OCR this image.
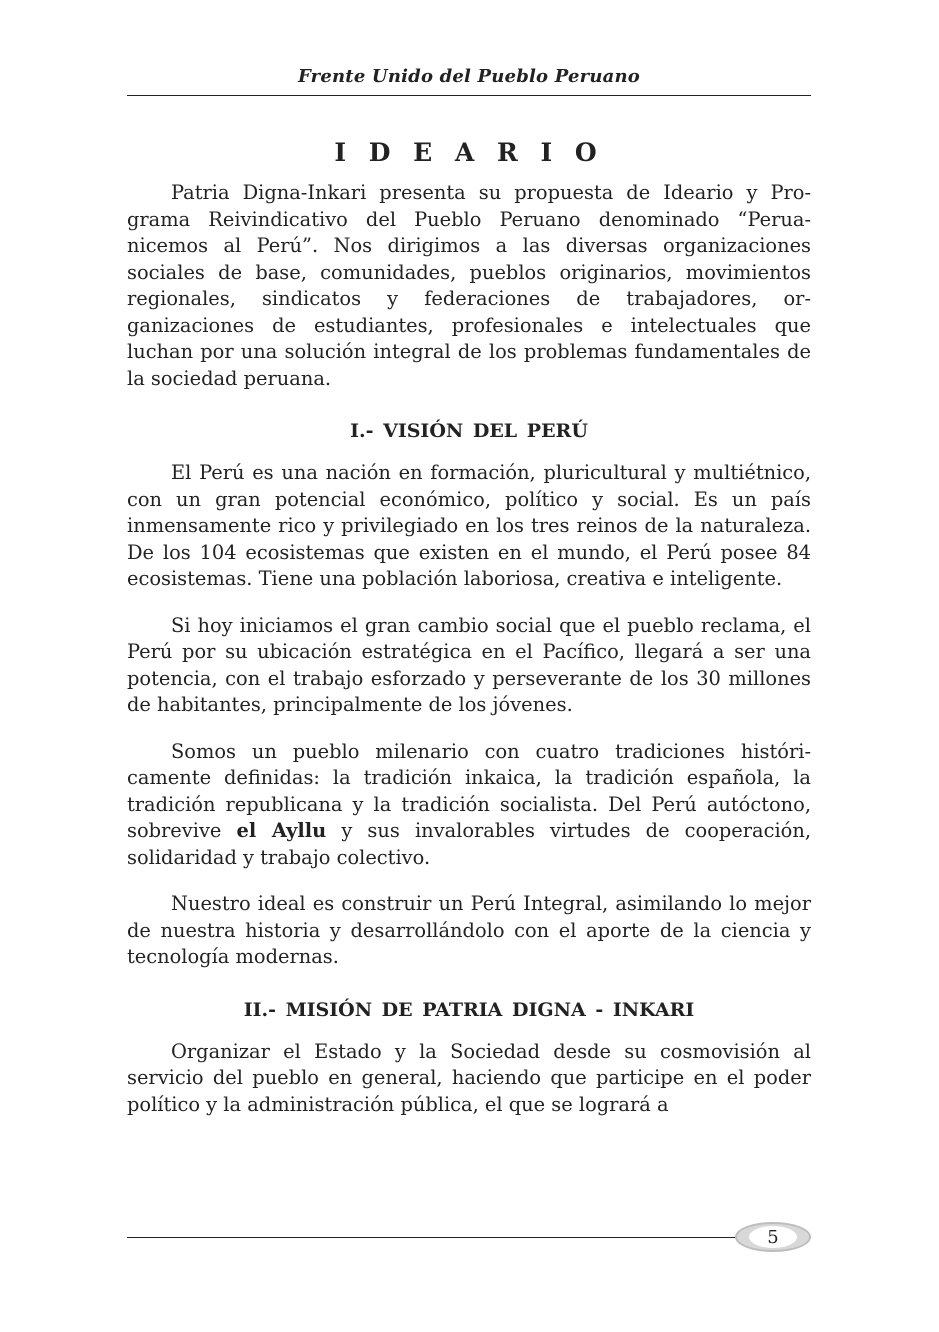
Frente Unido del Pueblo Peruano
I D E A R I O

Patria Digna-Inkari presenta su propuesta de Ideario y Programa Reivindicativo del Pueblo Peruano denominado “Peruanicemos al Perú”. Nos dirigimos a las diversas organizaciones sociales de base, comunidades, pueblos originarios, movimientos regionales, sindicatos y federaciones de trabajadores, organizaciones de estudiantes, profesionales e intelectuales que luchan por una solución integral de los problemas fundamentales de la sociedad peruana.

I.- VISIÓN DEL PERÚ

El Perú es una nación en formación, pluricultural y multiétnico, con un gran potencial económico, político y social. Es un país inmensamente rico y privilegiado en los tres reinos de la naturaleza. De los 104 ecosistemas que existen en el mundo, el Perú posee 84 ecosistemas. Tiene una población laboriosa, creativa e inteligente.

Si hoy iniciamos el gran cambio social que el pueblo reclama, el Perú por su ubicación estratégica en el Pacífico, llegará a ser una potencia, con el trabajo esforzado y perseverante de los 30 millones de habitantes, principalmente de los jóvenes.

Somos un pueblo milenario con cuatro tradiciones históricamente definidas: la tradición inkaica, la tradición española, la tradición republicana y la tradición socialista. Del Perú autóctono, sobrevive el Ayllu y sus invalorables virtudes de cooperación, solidaridad y trabajo colectivo.

Nuestro ideal es construir un Perú Integral, asimilando lo mejor de nuestra historia y desarrollándolo con el aporte de la ciencia y tecnología modernas.

II.- MISIÓN DE PATRIA DIGNA - INKARI

Organizar el Estado y la Sociedad desde su cosmovisión al servicio del pueblo en general, haciendo que participe en el poder político y la administración pública, el que se logrará a

5
